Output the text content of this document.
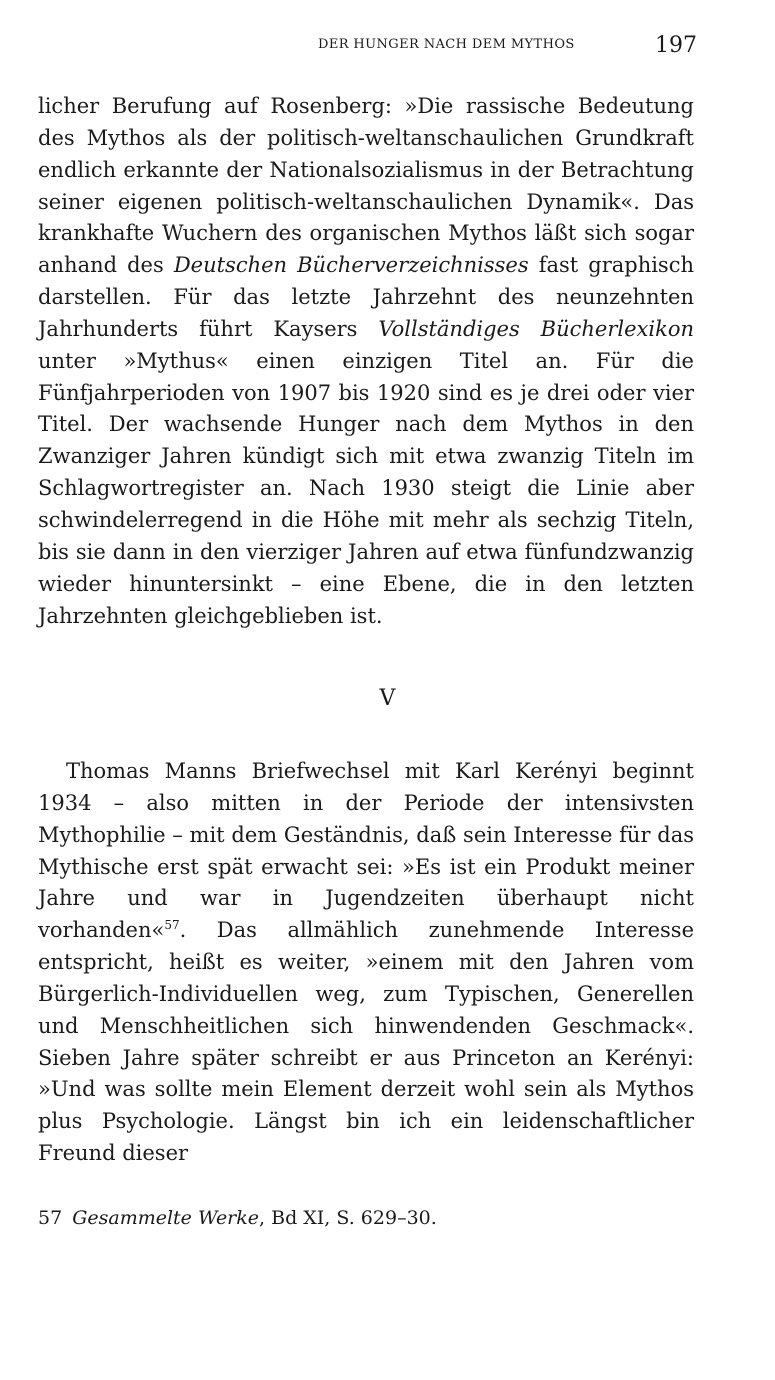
DER HUNGER NACH DEM MYTHOS	197

licher Berufung auf Rosenberg: »Die rassische Bedeutung des Mythos als der politisch-weltanschaulichen Grundkraft endlich erkannte der Nationalsozialismus in der Betrachtung seiner eigenen politisch-weltanschaulichen Dynamik«. Das krankhafte Wuchern des organischen Mythos läßt sich sogar anhand des Deutschen Bücherverzeichnisses fast graphisch darstellen. Für das letzte Jahrzehnt des neunzehnten Jahrhunderts führt Kaysers Vollständiges Bücherlexikon unter »Mythus« einen einzigen Titel an. Für die Fünfjahrperioden von 1907 bis 1920 sind es je drei oder vier Titel. Der wachsende Hunger nach dem Mythos in den Zwanziger Jahren kündigt sich mit etwa zwanzig Titeln im Schlagwortregister an. Nach 1930 steigt die Linie aber schwindelerregend in die Höhe mit mehr als sechzig Titeln, bis sie dann in den vierziger Jahren auf etwa fünfundzwanzig wieder hinuntersinkt – eine Ebene, die in den letzten Jahrzehnten gleichgeblieben ist.

V

Thomas Manns Briefwechsel mit Karl Kerényi beginnt 1934 – also mitten in der Periode der intensivsten Mythophilie – mit dem Geständnis, daß sein Interesse für das Mythische erst spät erwacht sei: »Es ist ein Produkt meiner Jahre und war in Jugendzeiten überhaupt nicht vorhanden«$^{57}$. Das allmählich zunehmende Interesse entspricht, heißt es weiter, »einem mit den Jahren vom Bürgerlich-Individuellen weg, zum Typischen, Generellen und Menschheitlichen sich hinwendenden Geschmack«. Sieben Jahre später schreibt er aus Princeton an Kerényi: »Und was sollte mein Element derzeit wohl sein als Mythos plus Psychologie. Längst bin ich ein leidenschaftlicher Freund dieser

57 Gesammelte Werke, Bd XI, S. 629–30.
